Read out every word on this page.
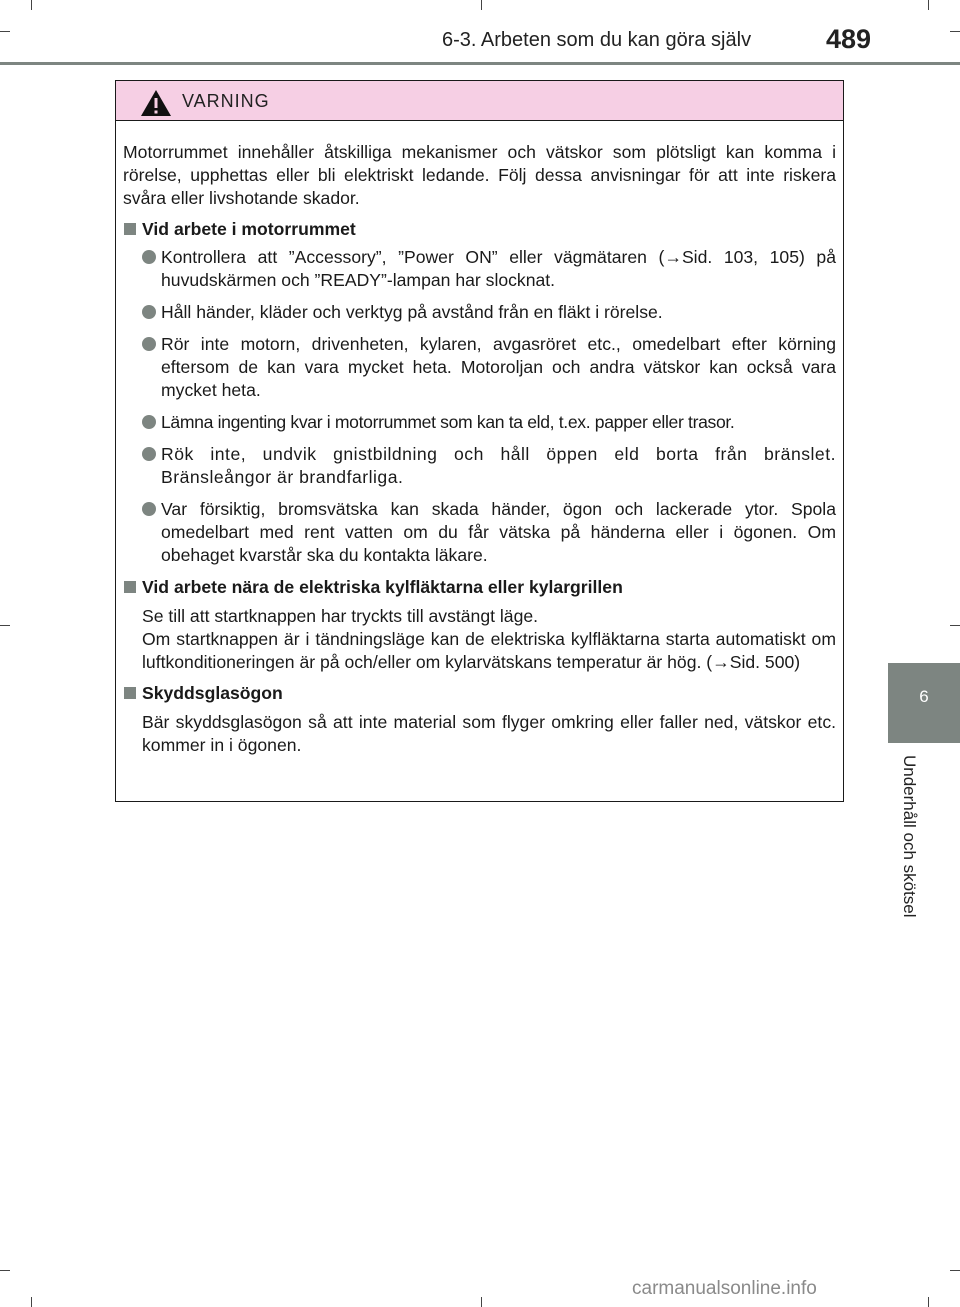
6-3. Arbeten som du kan göra själv	489
6
Underhåll och skötsel
VARNING

Motorrummet innehåller åtskilliga mekanismer och vätskor som plötsligt kan komma i rörelse, upphettas eller bli elektriskt ledande. Följ dessa anvisningar för att inte riskera svåra eller livshotande skador.

Vid arbete i motorrummet

Kontrollera att ”Accessory”, ”Power ON” eller vägmätaren (→Sid. 103, 105) på huvudskärmen och ”READY”-lampan har slocknat.

Håll händer, kläder och verktyg på avstånd från en fläkt i rörelse.

Rör inte motorn, drivenheten, kylaren, avgasröret etc., omedelbart efter körning eftersom de kan vara mycket heta. Motoroljan och andra vätskor kan också vara mycket heta.

Lämna ingenting kvar i motorrummet som kan ta eld, t.ex. papper eller trasor.

Rök inte, undvik gnistbildning och håll öppen eld borta från bränslet. Bränsleångor är brandfarliga.

Var försiktig, bromsvätska kan skada händer, ögon och lackerade ytor. Spola omedelbart med rent vatten om du får vätska på händerna eller i ögonen. Om obehaget kvarstår ska du kontakta läkare.

Vid arbete nära de elektriska kylfläktarna eller kylargrillen

Se till att startknappen har tryckts till avstängt läge.
Om startknappen är i tändningsläge kan de elektriska kylfläktarna starta automatiskt om luftkonditioneringen är på och/eller om kylarvätskans temperatur är hög. (→Sid. 500)

Skyddsglasögon

Bär skyddsglasögon så att inte material som flyger omkring eller faller ned, vätskor etc. kommer in i ögonen.

carmanualsonline.info
